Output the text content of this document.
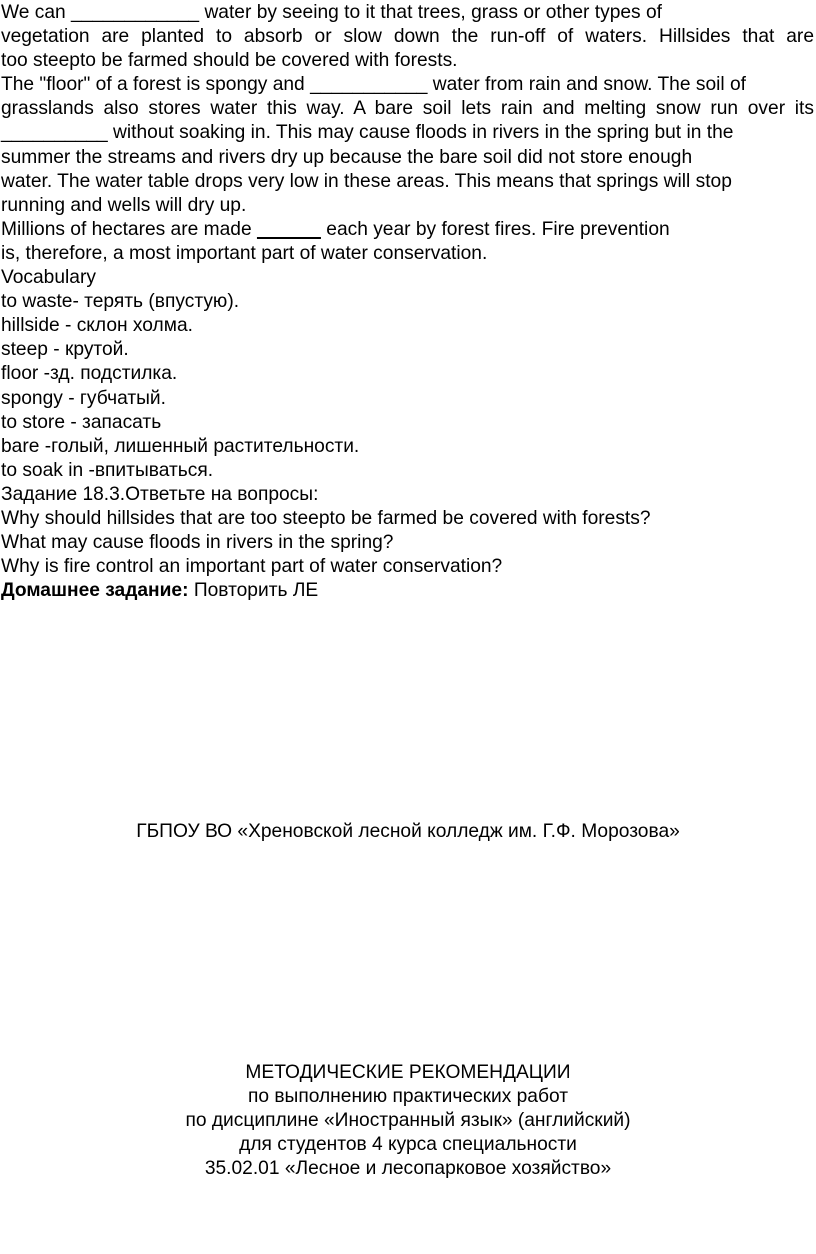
We can ____________ water by seeing to it that trees, grass or other types of
vegetation are planted to absorb or slow down the run-off of waters. Hillsides that are
too steepto be farmed should be covered with forests.
The "floor" of a forest is spongy and ___________ water from rain and snow. The soil of
grasslands also stores water this way. A bare soil lets rain and melting snow run over its
__________ without soaking in. This may cause floods in rivers in the spring but in the
summer the streams and rivers dry up because the bare soil did not store enough
water. The water table drops very low in these areas. This means that springs will stop
running and wells will dry up.
Millions of hectares are made	each year by forest fires. Fire prevention
is, therefore, a most important part of water conservation.
Vocabulary
to waste- терять (впустую).
hillside - склон холма.
steep - крутой.
floor -зд. подстилка.
spongy - губчатый.
to store - запасать
bare -голый, лишенный растительности.
to soak in -впитываться.
Задание 18.3.Ответьте на вопросы:
Why should hillsides that are too steepto be farmed be covered with forests?
What may cause floods in rivers in the spring?
Why is fire control an important part of water conservation?
Домашнее задание: Повторить ЛЕ
ГБПОУ ВО «Хреновской лесной колледж им. Г.Ф. Морозова»
МЕТОДИЧЕСКИЕ РЕКОМЕНДАЦИИ
по выполнению практических работ
по дисциплине «Иностранный язык» (английский)
для студентов 4 курса специальности
35.02.01 «Лесное и лесопарковое хозяйство»
